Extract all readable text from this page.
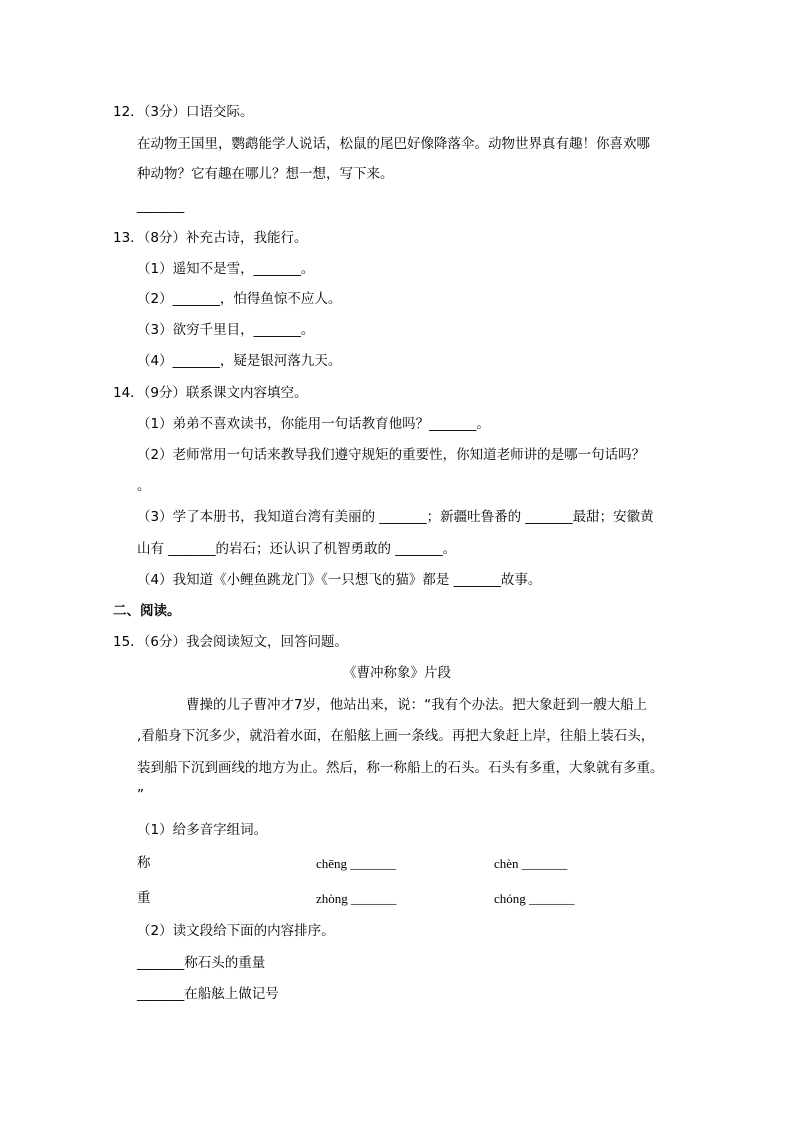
12．（3分）口语交际。
在动物王国里，鹦鹉能学人说话，松鼠的尾巴好像降落伞。动物世界真有趣！你喜欢哪
种动物？它有趣在哪儿？想一想，写下来。
_______
13．（8分）补充古诗，我能行。
（1）遥知不是雪，_______。
（2）_______，怕得鱼惊不应人。
（3）欲穷千里目，_______。
（4）_______，疑是银河落九天。
14．（9分）联系课文内容填空。
（1）弟弟不喜欢读书，你能用一句话教育他吗？_______。
（2）老师常用一句话来教导我们遵守规矩的重要性，你知道老师讲的是哪一句话吗？
。
（3）学了本册书，我知道台湾有美丽的 _______；新疆吐鲁番的 _______最甜；安徽黄
山有 _______的岩石；还认识了机智勇敢的 _______。
（4）我知道《小鲤鱼跳龙门》《一只想飞的猫》都是 _______故事。
二、阅读。
15．（6分）我会阅读短文，回答问题。
《曹冲称象》片段
曹操的儿子曹冲才7岁，他站出来，说：“我有个办法。把大象赶到一艘大船上
,看船身下沉多少，就沿着水面，在船舷上画一条线。再把大象赶上岸，往船上装石头，
装到船下沉到画线的地方为止。然后，称一称船上的石头。石头有多重，大象就有多重。
”
（1）给多音字组词。
称	chēng _______	chèn _______
重	zhòng _______	chóng _______
（2）读文段给下面的内容排序。
_______称石头的重量
_______在船舷上做记号
